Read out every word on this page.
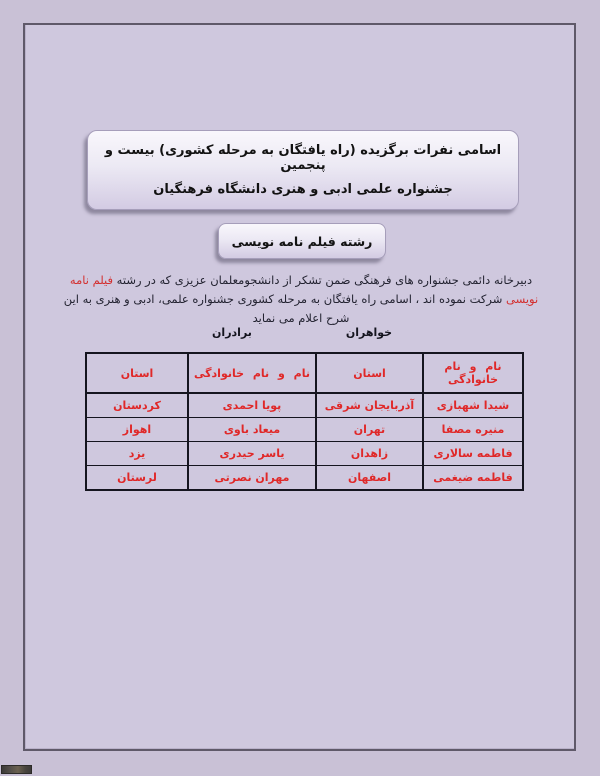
اسامی نفرات برگزیده (راه یافتگان به مرحله کشوری) بیست و پنجمین
جشنواره علمی ادبی و هنری دانشگاه فرهنگیان
رشته فیلم نامه نویسی
دبیرخانه دائمی جشنواره های فرهنگی ضمن تشکر از دانشجومعلمان عزیزی که در رشته فیلم نامه نویسی شرکت نموده اند ، اسامی راه یافتگان به مرحله کشوری جشنواره علمی، ادبی و هنری به این شرح اعلام می نماید
خواهران
برادران
نام و نام خانوادگی	استان	نام و نام خانوادگی	استان
شیدا شهبازی	آذربایجان شرقی	پویا احمدی	کردستان
منیره مصفا	تهران	میعاد باوی	اهواز
فاطمه سالاری	زاهدان	یاسر حیدری	یزد
فاطمه ضیغمی	اصفهان	مهران نصرتی	لرستان
